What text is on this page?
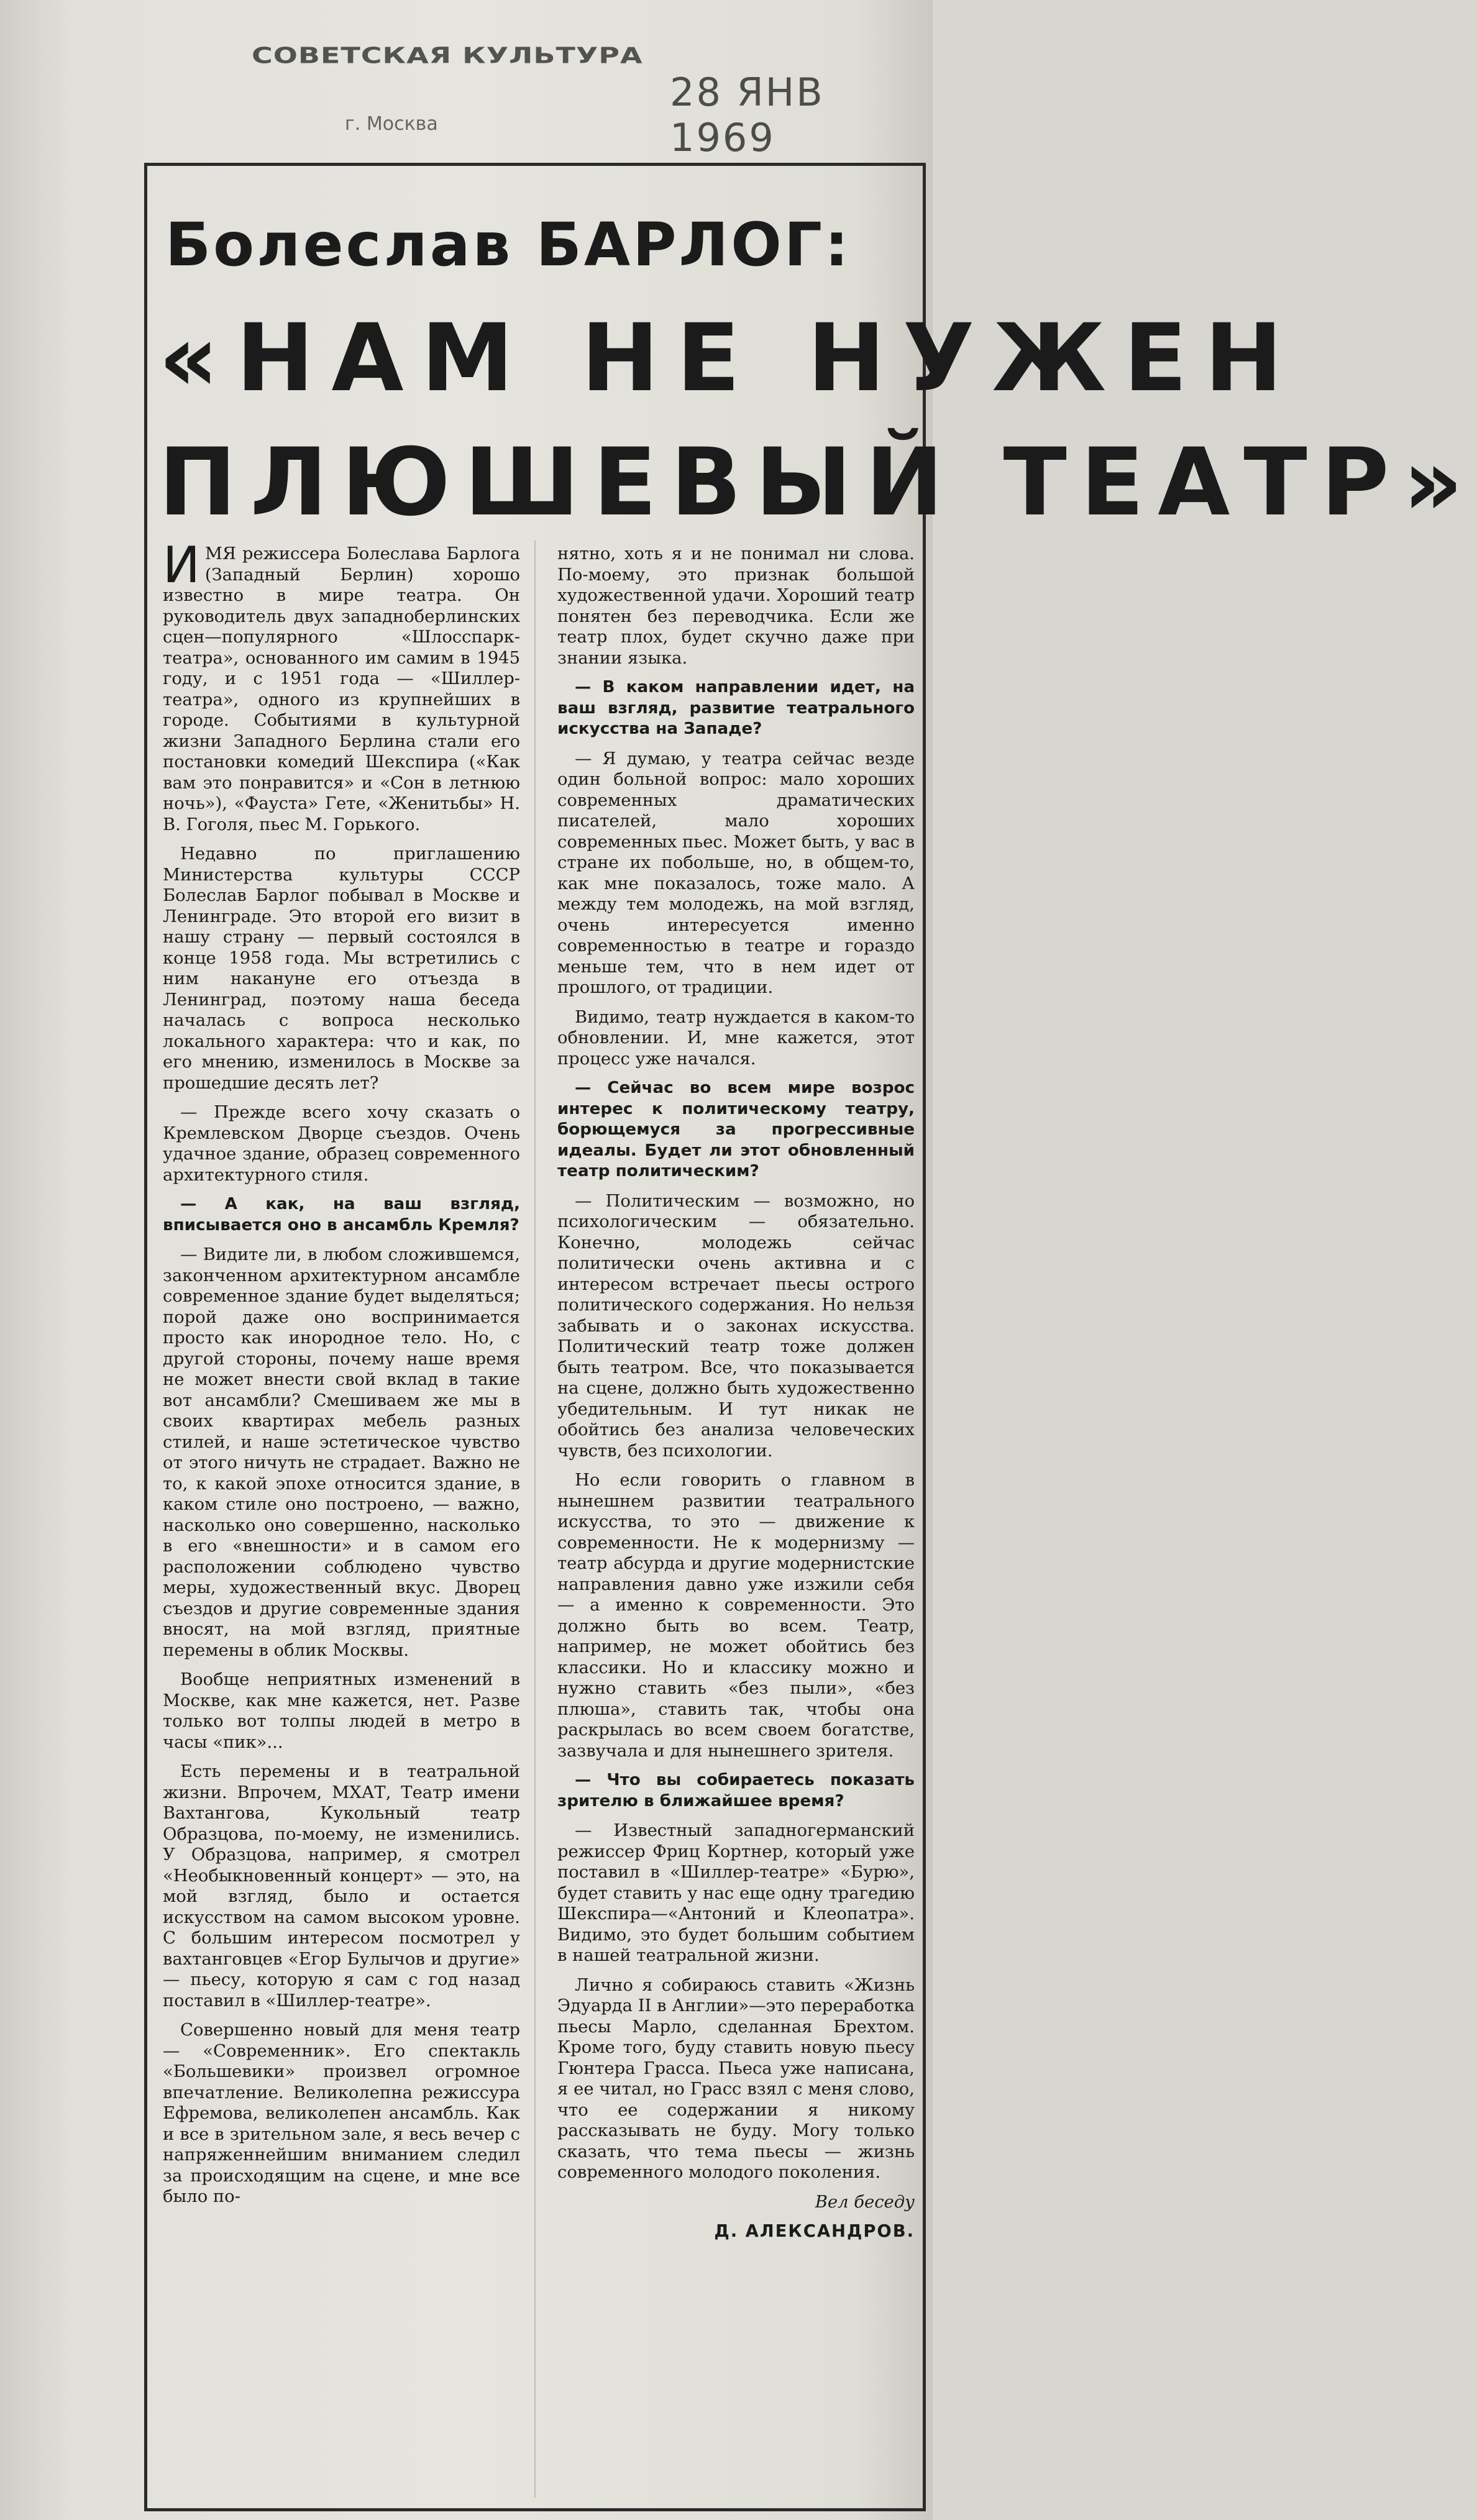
СОВЕТСКАЯ КУЛЬТУРА
г. Москва
28 ЯНВ 1969
Болеслав БАРЛОГ:
«НАМ НЕ НУЖЕН
ПЛЮШЕВЫЙ ТЕАТР»

ИМЯ режиссера Болеслава Барлога (Западный Берлин) хорошо известно в мире театра. Он руководитель двух западноберлинских сцен—популярного «Шлосспарк-театра», основанного им самим в 1945 году, и с 1951 года — «Шиллер-театра», одного из крупнейших в городе. Событиями в культурной жизни Западного Берлина стали его постановки комедий Шекспира («Как вам это понравится» и «Сон в летнюю ночь»), «Фауста» Гете, «Женитьбы» Н. В. Гоголя, пьес М. Горького.

Недавно по приглашению Министерства культуры СССР Болеслав Барлог побывал в Москве и Ленинграде. Это второй его визит в нашу страну — первый состоялся в конце 1958 года. Мы встретились с ним накануне его отъезда в Ленинград, поэтому наша беседа началась с вопроса несколько локального характера: что и как, по его мнению, изменилось в Москве за прошедшие десять лет?

— Прежде всего хочу сказать о Кремлевском Дворце съездов. Очень удачное здание, образец современного архитектурного стиля.

— А как, на ваш взгляд, вписывается оно в ансамбль Кремля?

— Видите ли, в любом сложившемся, законченном архитектурном ансамбле современное здание будет выделяться; порой даже оно воспринимается просто как инородное тело. Но, с другой стороны, почему наше время не может внести свой вклад в такие вот ансамбли? Смешиваем же мы в своих квартирах мебель разных стилей, и наше эстетическое чувство от этого ничуть не страдает. Важно не то, к какой эпохе относится здание, в каком стиле оно построено, — важно, насколько оно совершенно, насколько в его «внешности» и в самом его расположении соблюдено чувство меры, художественный вкус. Дворец съездов и другие современные здания вносят, на мой взгляд, приятные перемены в облик Москвы.

Вообще неприятных изменений в Москве, как мне кажется, нет. Разве только вот толпы людей в метро в часы «пик»...

Есть перемены и в театральной жизни. Впрочем, МХАТ, Театр имени Вахтангова, Кукольный театр Образцова, по-моему, не изменились. У Образцова, например, я смотрел «Необыкновенный концерт» — это, на мой взгляд, было и остается искусством на самом высоком уровне. С большим интересом посмотрел у вахтанговцев «Егор Булычов и другие» — пьесу, которую я сам с год назад поставил в «Шиллер-театре».

Совершенно новый для меня театр — «Современник». Его спектакль «Большевики» произвел огромное впечатление. Великолепна режиссура Ефремова, великолепен ансамбль. Как и все в зрительном зале, я весь вечер с напряженнейшим вниманием следил за происходящим на сцене, и мне все было по-

нятно, хоть я и не понимал ни слова. По-моему, это признак большой художественной удачи. Хороший театр понятен без переводчика. Если же театр плох, будет скучно даже при знании языка.

— В каком направлении идет, на ваш взгляд, развитие театрального искусства на Западе?

— Я думаю, у театра сейчас везде один больной вопрос: мало хороших современных драматических писателей, мало хороших современных пьес. Может быть, у вас в стране их побольше, но, в общем-то, как мне показалось, тоже мало. А между тем молодежь, на мой взгляд, очень интересуется именно современностью в театре и гораздо меньше тем, что в нем идет от прошлого, от традиции.

Видимо, театр нуждается в каком-то обновлении. И, мне кажется, этот процесс уже начался.

— Сейчас во всем мире возрос интерес к политическому театру, борющемуся за прогрессивные идеалы. Будет ли этот обновленный театр политическим?

— Политическим — возможно, но психологическим — обязательно. Конечно, молодежь сейчас политически очень активна и с интересом встречает пьесы острого политического содержания. Но нельзя забывать и о законах искусства. Политический театр тоже должен быть театром. Все, что показывается на сцене, должно быть художественно убедительным. И тут никак не обойтись без анализа человеческих чувств, без психологии.

Но если говорить о главном в нынешнем развитии театрального искусства, то это — движение к современности. Не к модернизму — театр абсурда и другие модернистские направления давно уже изжили себя — а именно к современности. Это должно быть во всем. Театр, например, не может обойтись без классики. Но и классику можно и нужно ставить «без пыли», «без плюша», ставить так, чтобы она раскрылась во всем своем богатстве, зазвучала и для нынешнего зрителя.

— Что вы собираетесь показать зрителю в ближайшее время?

— Известный западногерманский режиссер Фриц Кортнер, который уже поставил в «Шиллер-театре» «Бурю», будет ставить у нас еще одну трагедию Шекспира—«Антоний и Клеопатра». Видимо, это будет большим событием в нашей театральной жизни.

Лично я собираюсь ставить «Жизнь Эдуарда II в Англии»—это переработка пьесы Марло, сделанная Брехтом. Кроме того, буду ставить новую пьесу Гюнтера Грасса. Пьеса уже написана, я ее читал, но Грасс взял с меня слово, что ее содержании я никому рассказывать не буду. Могу только сказать, что тема пьесы — жизнь современного молодого поколения.

Вел беседу

Д. АЛЕКСАНДРОВ.
